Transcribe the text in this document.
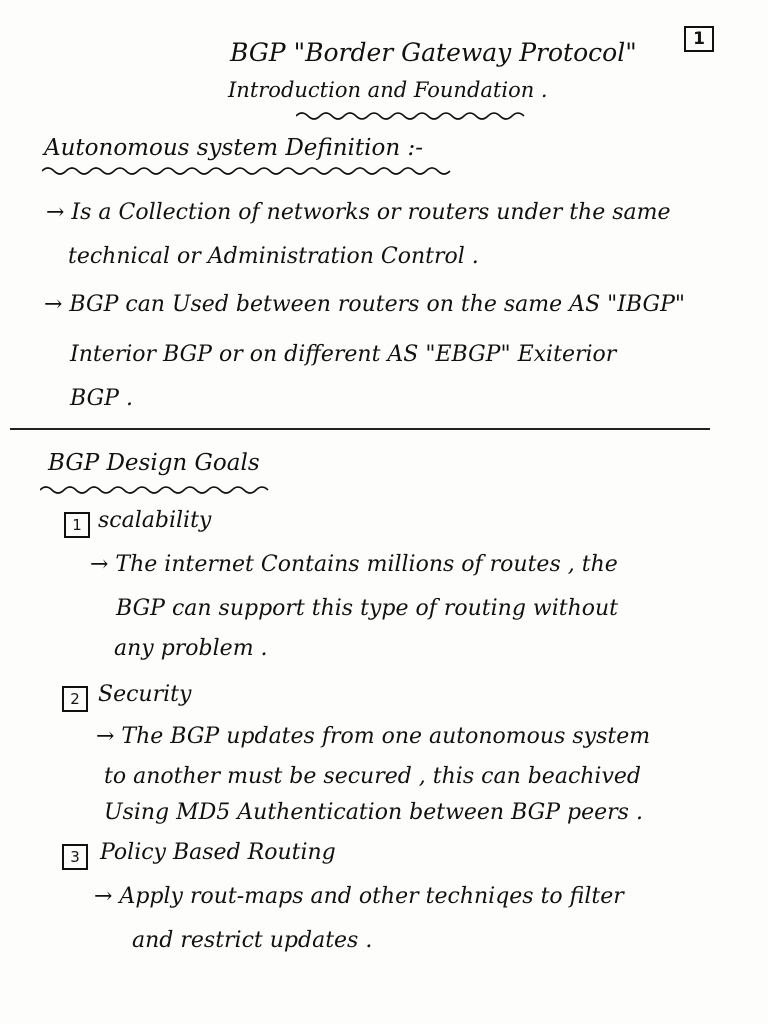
1
BGP "Border Gateway Protocol"
Introduction and Foundation .
Autonomous system Definition :-
→ Is a Collection of networks or routers under the same
technical or Administration Control .
→ BGP can Used between routers on the same AS "IBGP"
Interior BGP or on different AS "EBGP" Exiterior
BGP .
BGP Design Goals
1 scalability
→ The internet Contains millions of routes , the
BGP can support this type of routing without
any problem .
2 Security
→ The BGP updates from one autonomous system
to another must be secured , this can beachived
Using MD5 Authentication between BGP peers .
3 Policy Based Routing
→ Apply rout-maps and other techniqes to filter
and restrict updates .
